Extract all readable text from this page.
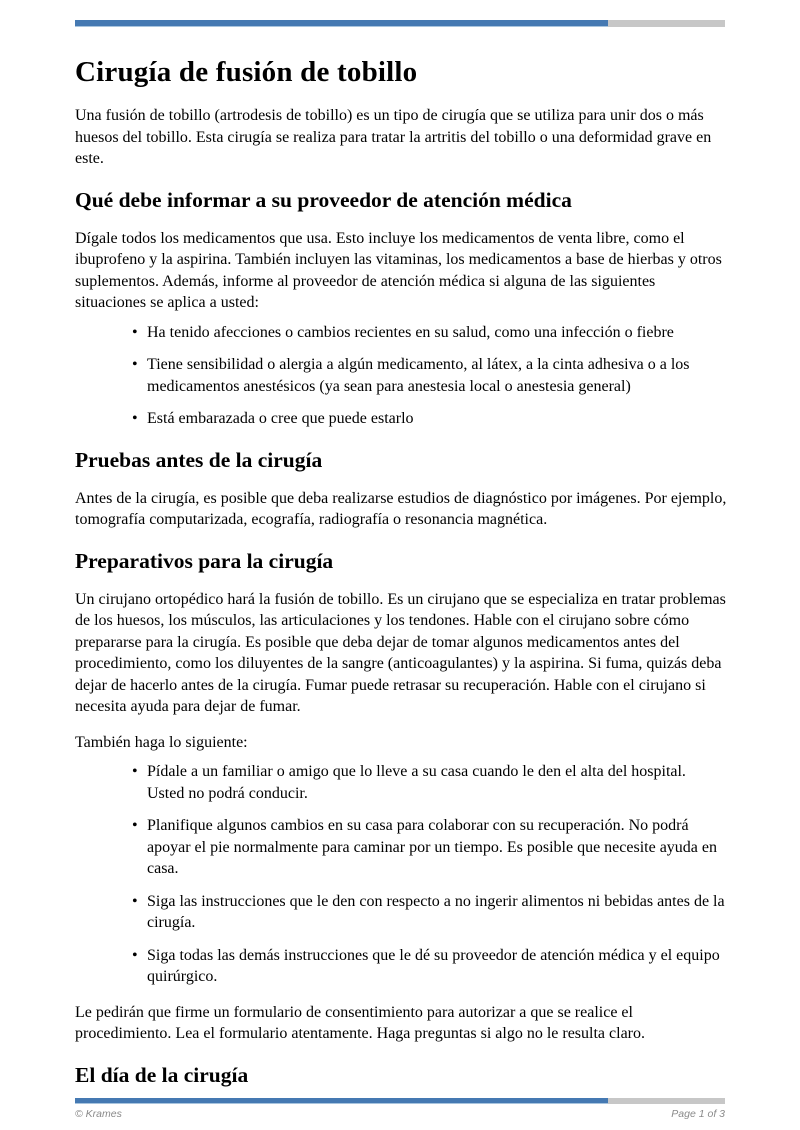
Cirugía de fusión de tobillo

Una fusión de tobillo (artrodesis de tobillo) es un tipo de cirugía que se utiliza para unir dos o más huesos del tobillo. Esta cirugía se realiza para tratar la artritis del tobillo o una deformidad grave en este.

Qué debe informar a su proveedor de atención médica

Dígale todos los medicamentos que usa. Esto incluye los medicamentos de venta libre, como el ibuprofeno y la aspirina. También incluyen las vitaminas, los medicamentos a base de hierbas y otros suplementos. Además, informe al proveedor de atención médica si alguna de las siguientes situaciones se aplica a usted:

• Ha tenido afecciones o cambios recientes en su salud, como una infección o fiebre
• Tiene sensibilidad o alergia a algún medicamento, al látex, a la cinta adhesiva o a los medicamentos anestésicos (ya sean para anestesia local o anestesia general)
• Está embarazada o cree que puede estarlo
Pruebas antes de la cirugía

Antes de la cirugía, es posible que deba realizarse estudios de diagnóstico por imágenes. Por ejemplo, tomografía computarizada, ecografía, radiografía o resonancia magnética.

Preparativos para la cirugía

Un cirujano ortopédico hará la fusión de tobillo. Es un cirujano que se especializa en tratar problemas de los huesos, los músculos, las articulaciones y los tendones. Hable con el cirujano sobre cómo prepararse para la cirugía. Es posible que deba dejar de tomar algunos medicamentos antes del procedimiento, como los diluyentes de la sangre (anticoagulantes) y la aspirina. Si fuma, quizás deba dejar de hacerlo antes de la cirugía. Fumar puede retrasar su recuperación. Hable con el cirujano si necesita ayuda para dejar de fumar.

También haga lo siguiente:

• Pídale a un familiar o amigo que lo lleve a su casa cuando le den el alta del hospital. Usted no podrá conducir.
• Planifique algunos cambios en su casa para colaborar con su recuperación. No podrá apoyar el pie normalmente para caminar por un tiempo. Es posible que necesite ayuda en casa.
• Siga las instrucciones que le den con respecto a no ingerir alimentos ni bebidas antes de la cirugía.
• Siga todas las demás instrucciones que le dé su proveedor de atención médica y el equipo quirúrgico.

Le pedirán que firme un formulario de consentimiento para autorizar a que se realice el procedimiento. Lea el formulario atentamente. Haga preguntas si algo no le resulta claro.

El día de la cirugía
© Krames	Page 1 of 3
